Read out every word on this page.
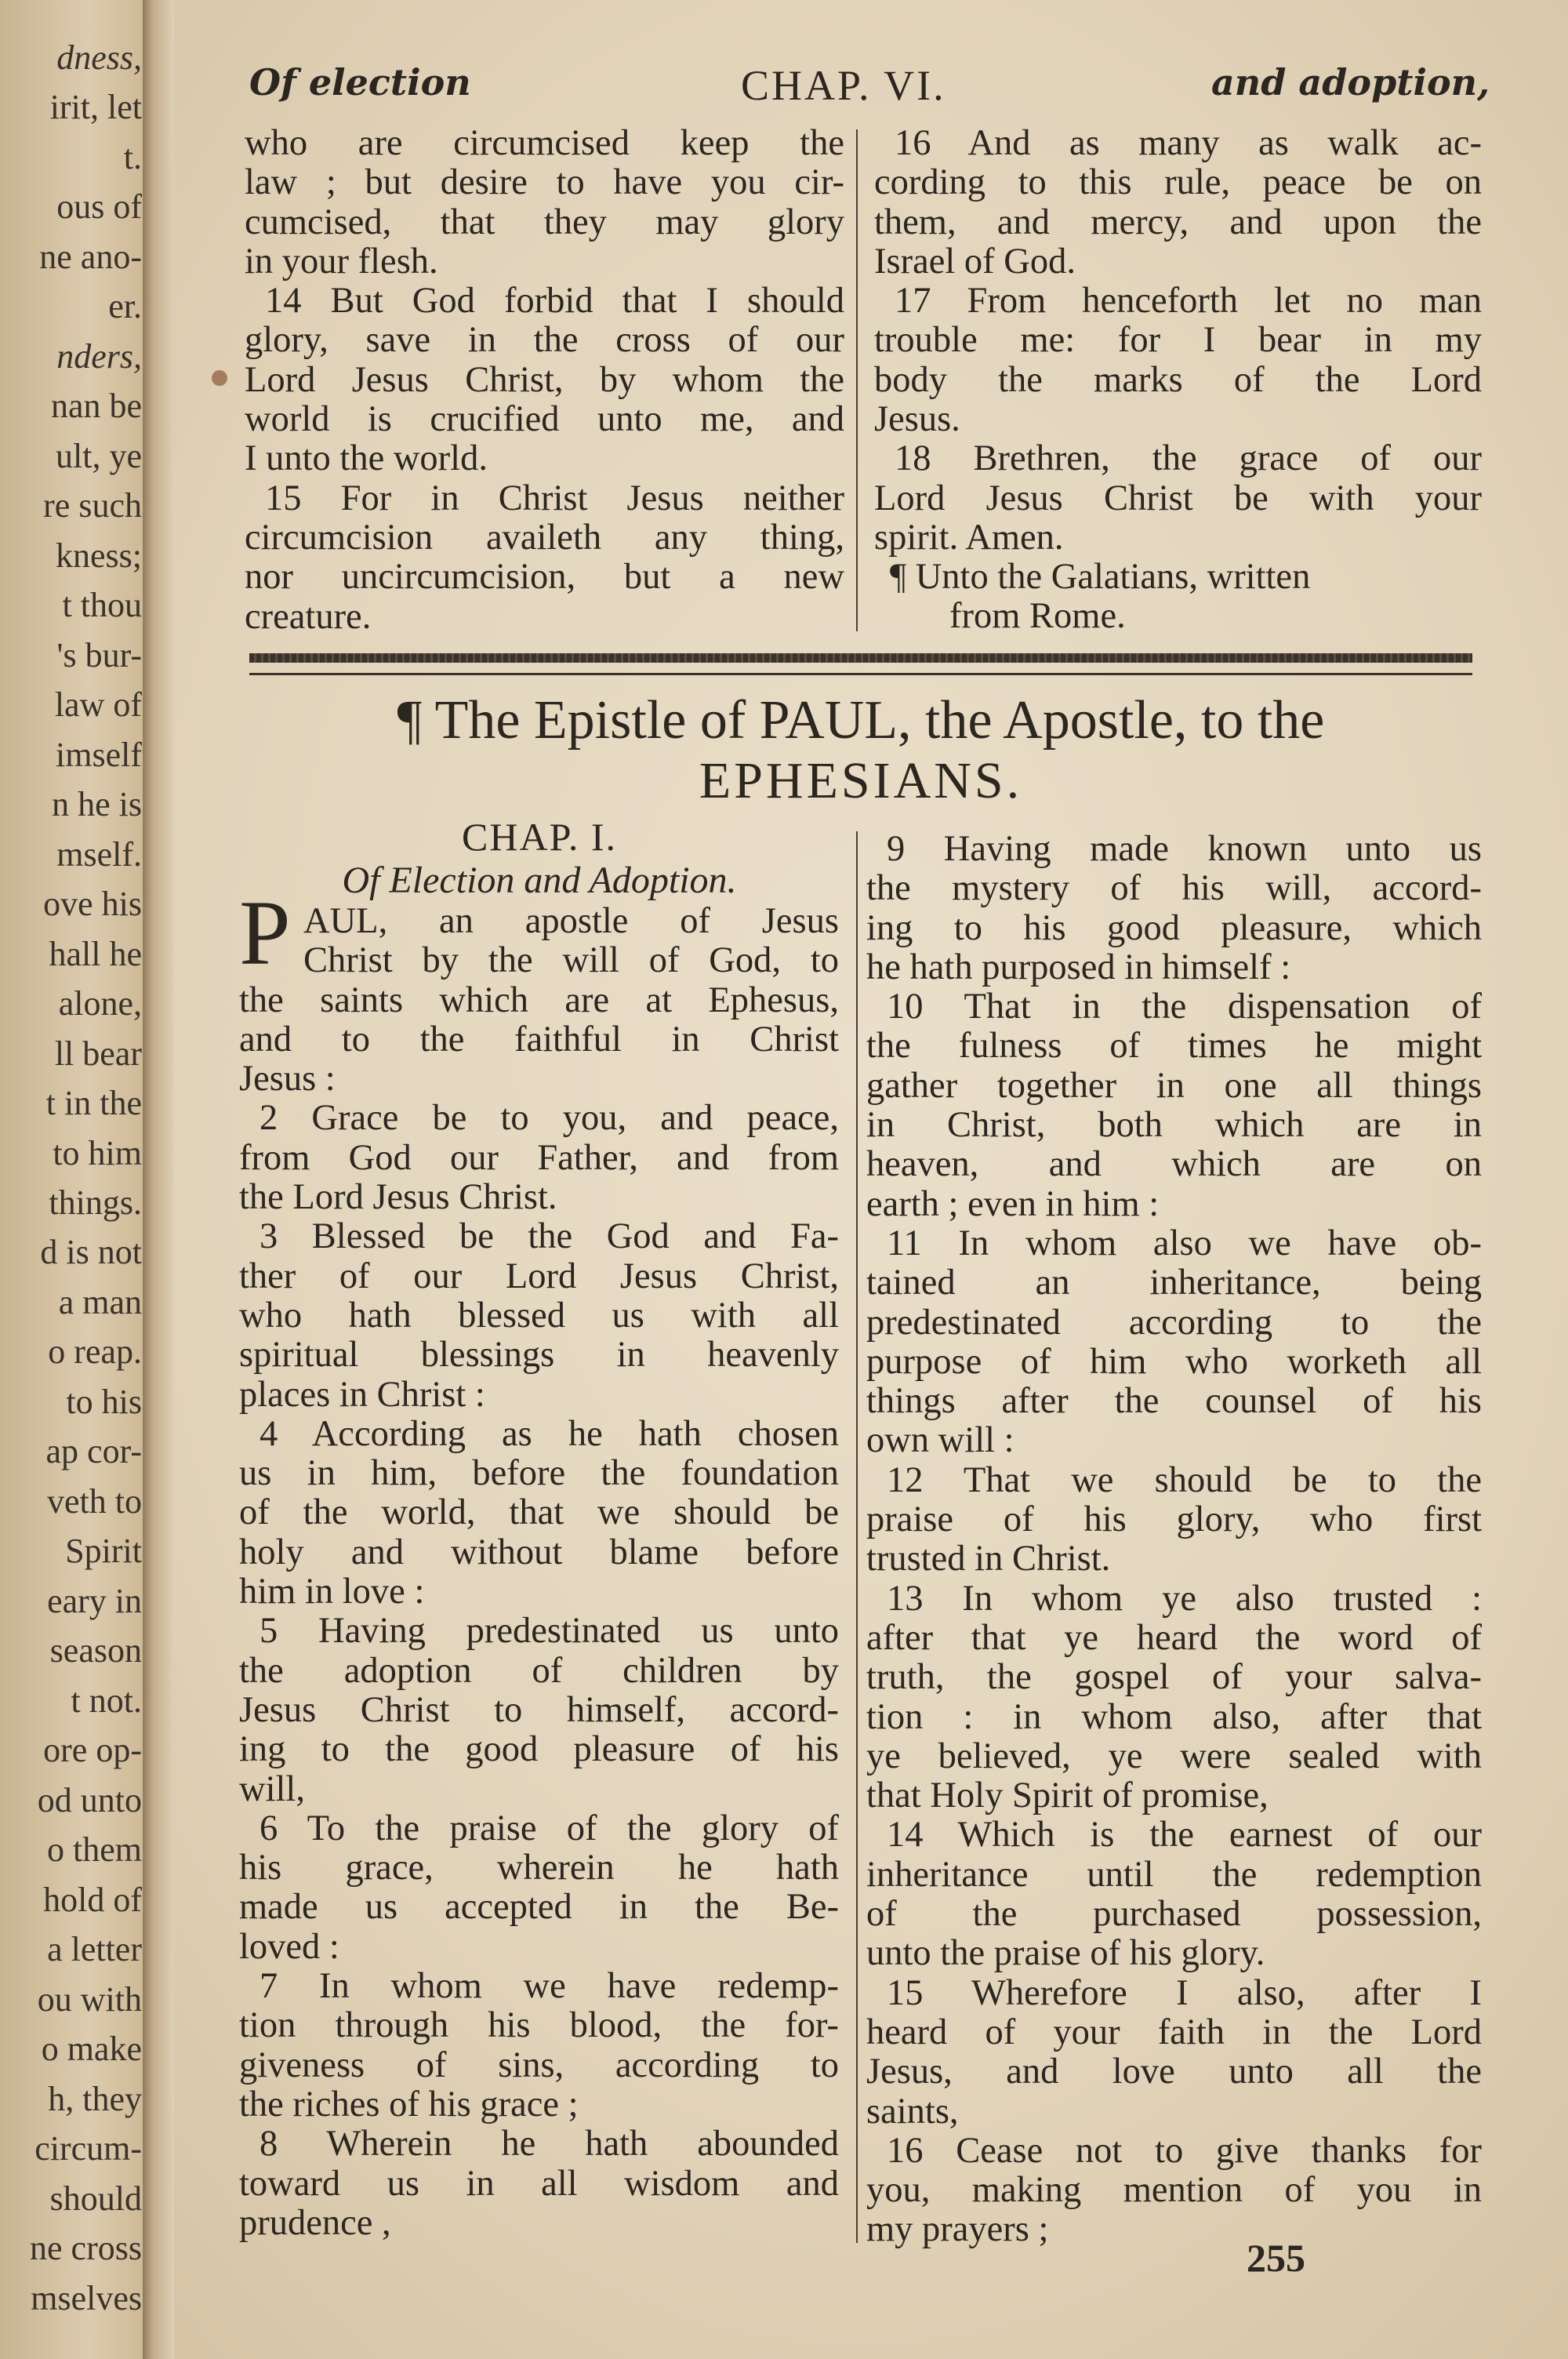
dness,
irit, let
t.
ous of
ne ano-
er.
nders,
nan be
ult, ye
re such
kness;
t thou
's bur-
law of
imself
n he is
mself.
ove his
hall he
alone,
ll bear
t in the
to him
things.
d is not
a man
o reap.
to his
ap cor-
veth to
Spirit
eary in
season
t not.
ore op-
od unto
o them
hold of
a letter
ou with
o make
h, they
circum-
should
ne cross
mselves
Of election	CHAP. VI.	and adoption,
who are circumcised keep the
law ; but desire to have you cir-
cumcised, that they may glory
in your flesh.
14 But God forbid that I should
glory, save in the cross of our
Lord Jesus Christ, by whom the
world is crucified unto me, and
I unto the world.
15 For in Christ Jesus neither
circumcision availeth any thing,
nor uncircumcision, but a new
creature.
16 And as many as walk ac-
cording to this rule, peace be on
them, and mercy, and upon the
Israel of God.
17 From henceforth let no man
trouble me: for I bear in my
body the marks of the Lord
Jesus.
18 Brethren, the grace of our
Lord Jesus Christ be with your
spirit. Amen.
¶ Unto the Galatians, written
from Rome.
¶ The Epistle of PAUL, the Apostle, to the
EPHESIANS.
CHAP. I.
Of Election and Adoption.
P AUL, an apostle of Jesus
Christ by the will of God, to
the saints which are at Ephesus,
and to the faithful in Christ
Jesus :
2 Grace be to you, and peace,
from God our Father, and from
the Lord Jesus Christ.
3 Blessed be the God and Fa-
ther of our Lord Jesus Christ,
who hath blessed us with all
spiritual blessings in heavenly
places in Christ :
4 According as he hath chosen
us in him, before the foundation
of the world, that we should be
holy and without blame before
him in love :
5 Having predestinated us unto
the adoption of children by
Jesus Christ to himself, accord-
ing to the good pleasure of his
will,
6 To the praise of the glory of
his grace, wherein he hath
made us accepted in the Be-
loved :
7 In whom we have redemp-
tion through his blood, the for-
giveness of sins, according to
the riches of his grace ;
8 Wherein he hath abounded
toward us in all wisdom and
prudence ,
9 Having made known unto us
the mystery of his will, accord-
ing to his good pleasure, which
he hath purposed in himself :
10 That in the dispensation of
the fulness of times he might
gather together in one all things
in Christ, both which are in
heaven, and which are on
earth ; even in him :
11 In whom also we have ob-
tained an inheritance, being
predestinated according to the
purpose of him who worketh all
things after the counsel of his
own will :
12 That we should be to the
praise of his glory, who first
trusted in Christ.
13 In whom ye also trusted :
after that ye heard the word of
truth, the gospel of your salva-
tion : in whom also, after that
ye believed, ye were sealed with
that Holy Spirit of promise,
14 Which is the earnest of our
inheritance until the redemption
of the purchased possession,
unto the praise of his glory.
15 Wherefore I also, after I
heard of your faith in the Lord
Jesus, and love unto all the
saints,
16 Cease not to give thanks for
you, making mention of you in
my prayers ;
255
